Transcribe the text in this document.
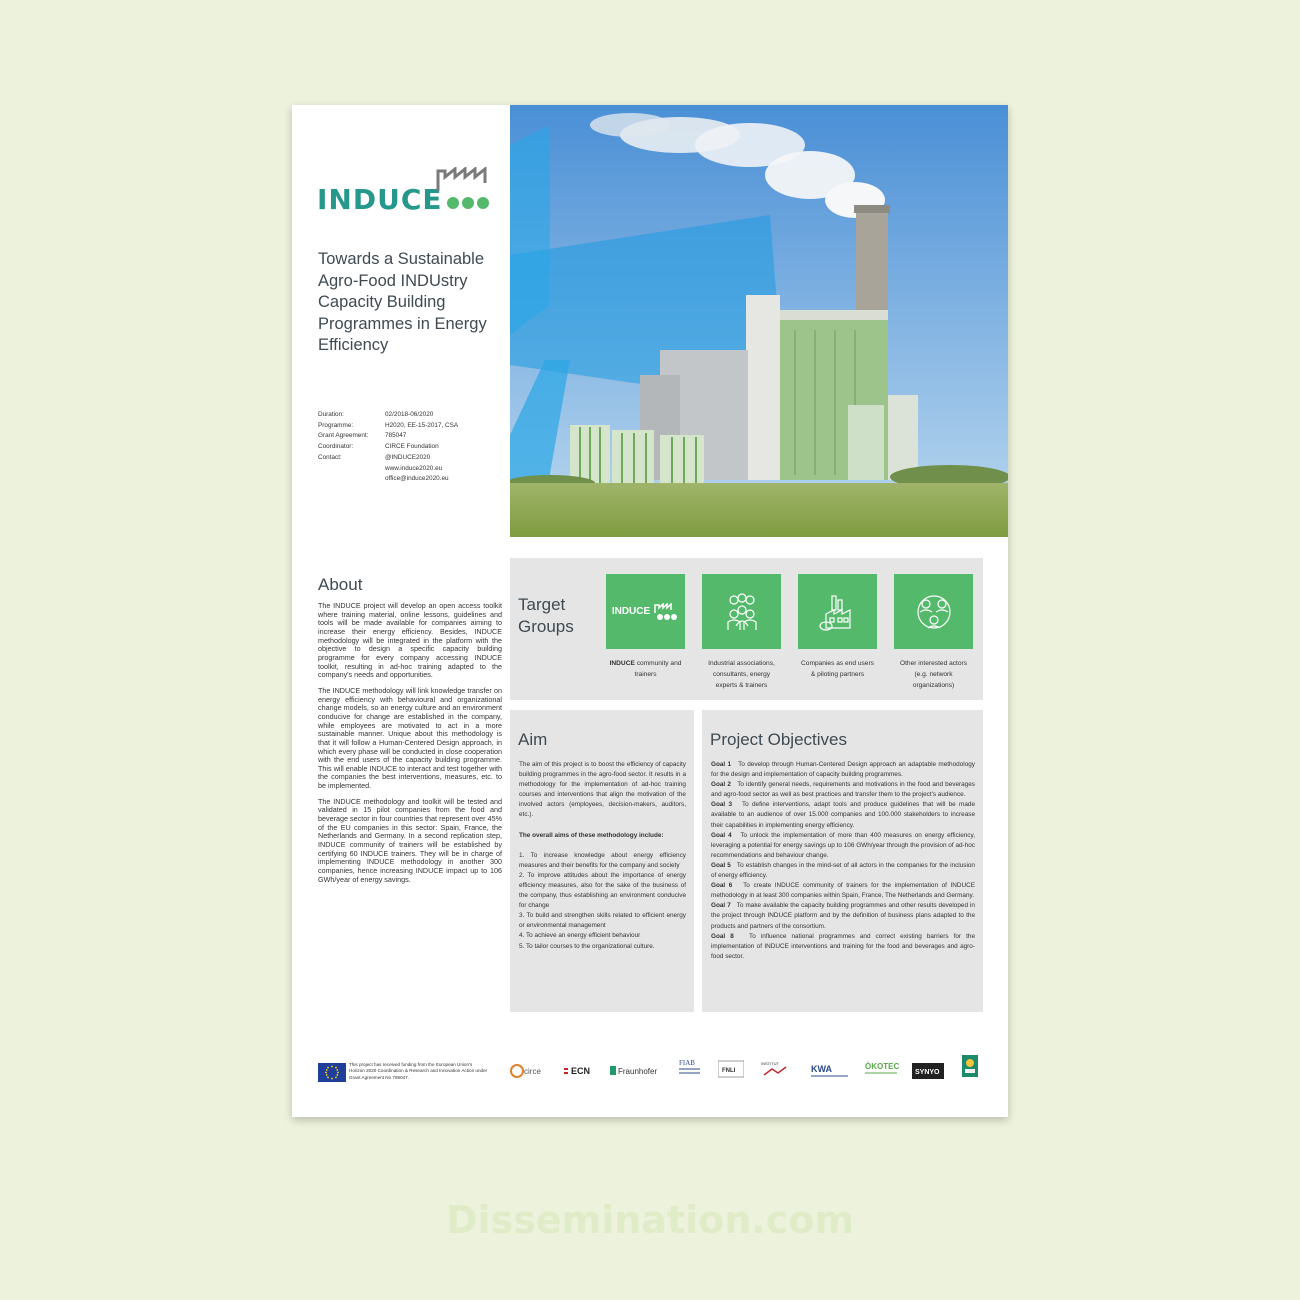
INDUCE
Towards a Sustainable Agro-Food INDUstry Capacity Building Programmes in Energy Efficiency
Duration:	02/2018-06/2020
Programme:	H2020, EE-15-2017, CSA
Grant Agreement:	785047
Coordinator:	CIRCE Foundation
Contact:	@INDUCE2020
www.induce2020.eu
office@induce2020.eu
About

The INDUCE project will develop an open access toolkit where training material, online lessons, guidelines and tools will be made available for companies aiming to increase their energy efficiency. Besides, INDUCE methodology will be integrated in the platform with the objective to design a specific capacity building programme for every company accessing INDUCE toolkit, resulting in ad-hoc training adapted to the company's needs and opportunities.

The INDUCE methodology will link knowledge transfer on energy efficiency with behavioural and organizational change models, so an energy culture and an environment conducive for change are established in the company, while employees are motivated to act in a more sustainable manner. Unique about this methodology is that it will follow a Human-Centered Design approach, in which every phase will be conducted in close cooperation with the end users of the capacity building programme. This will enable INDUCE to interact and test together with the companies the best interventions, measures, etc. to be implemented.

The INDUCE methodology and toolkit will be tested and validated in 15 pilot companies from the food and beverage sector in four countries that represent over 45% of the EU companies in this sector: Spain, France, the Netherlands and Germany. In a second replication step, INDUCE community of trainers will be established by certifying 60 INDUCE trainers. They will be in charge of implementing INDUCE methodology in another 300 companies, hence increasing INDUCE impact up to 106 GWh/year of energy savings.

Target Groups
INDUCE
INDUCE community and trainers
Industrial associations, consultants, energy experts & trainers
Companies as end users & piloting partners
Other interested actors (e.g. network organizations)
Aim

The aim of this project is to boost the efficiency of capacity building programmes in the agro-food sector. It results in a methodology for the implementation of ad-hoc training courses and interventions that align the motivation of the involved actors (employees, decision-makers, auditors, etc.).

The overall aims of these methodology include:

1. To increase knowledge about energy efficiency measures and their benefits for the company and society

2. To improve attitudes about the importance of energy efficiency measures, also for the sake of the business of the company, thus establishing an environment conducive for change

3. To build and strengthen skills related to efficient energy or environmental management

4. To achieve an energy efficient behaviour

5. To tailor courses to the organizational culture.

Project Objectives

Goal 1 To develop through Human-Centered Design approach an adaptable methodology for the design and implementation of capacity building programmes.

Goal 2 To identify general needs, requirements and motivations in the food and beverages and agro-food sector as well as best practices and transfer them to the project's audience.

Goal 3 To define interventions, adapt tools and produce guidelines that will be made available to an audience of over 15.000 companies and 100.000 stakeholders to increase their capabilities in implementing energy efficiency.

Goal 4 To unlock the implementation of more than 400 measures on energy efficiency, leveraging a potential for energy savings up to 106 GWh/year through the provision of ad-hoc recommendations and behaviour change.

Goal 5 To establish changes in the mind-set of all actors in the companies for the inclusion of energy efficiency.

Goal 6 To create INDUCE community of trainers for the implementation of INDUCE methodology in at least 300 companies within Spain, France, The Netherlands and Germany.

Goal 7 To make available the capacity building programmes and other results developed in the project through INDUCE platform and by the definition of business plans adapted to the products and partners of the consortium.

Goal 8 To influence national programmes and correct existing barriers for the implementation of INDUCE interventions and training for the food and beverages and agro-food sector.

This project has received funding from the European Union's Horizon 2020 Coordination & Research and Innovation Action under Grant Agreement No 785047.
circe	ECN	Fraunhofer
FIAB
FNLI
INSTITUT
KWA	ÖKOTEC
SYNYO
Dissemination.com
